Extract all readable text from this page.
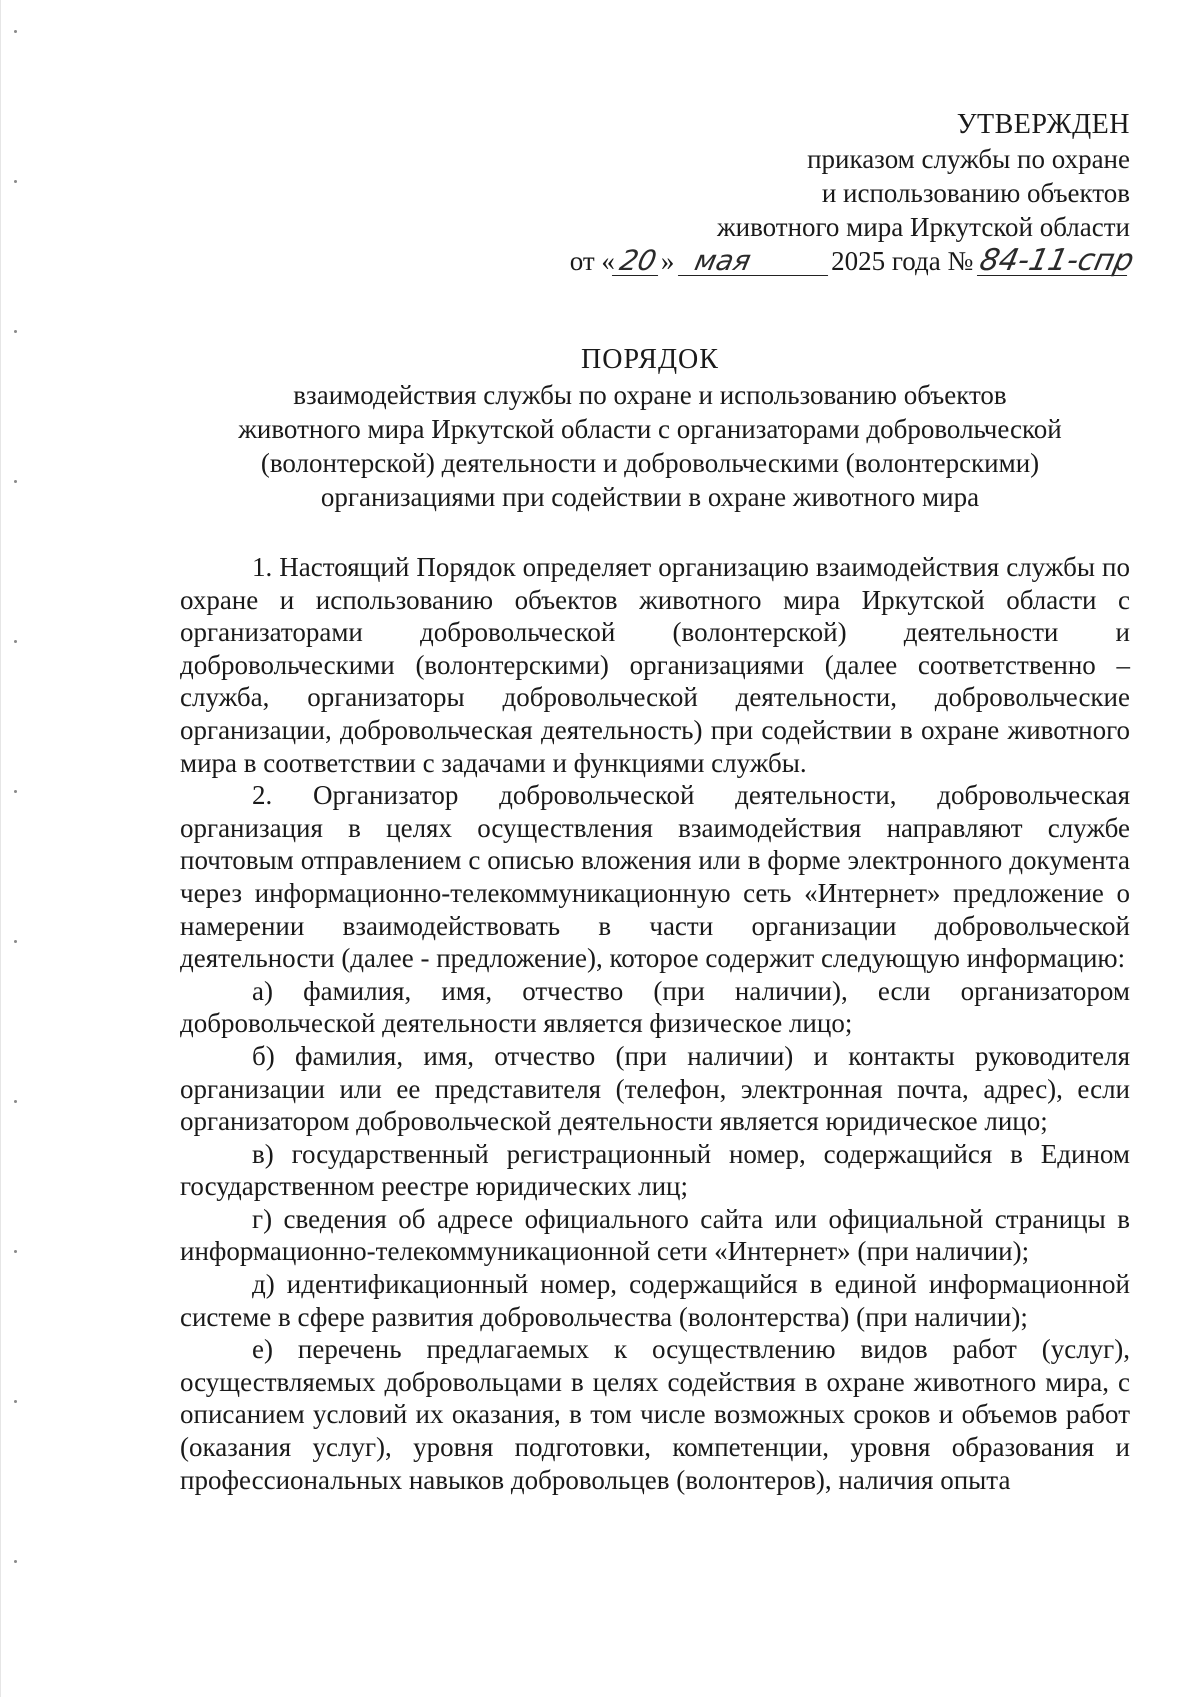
УТВЕРЖДЕН
приказом службы по охране
и использованию объектов
животного мира Иркутской области
от «20» мая	2025 года № 84-11-спр
ПОРЯДОК
взаимодействия службы по охране и использованию объектов
животного мира Иркутской области с организаторами добровольческой
(волонтерской) деятельности и добровольческими (волонтерскими)
организациями при содействии в охране животного мира

1. Настоящий Порядок определяет организацию взаимодействия службы по охране и использованию объектов животного мира Иркутской области с организаторами добровольческой (волонтерской) деятельности и добровольческими (волонтерскими) организациями (далее соответственно – служба, организаторы добровольческой деятельности, добровольческие организации, добровольческая деятельность) при содействии в охране животного мира в соответствии с задачами и функциями службы.

2. Организатор добровольческой деятельности, добровольческая организация в целях осуществления взаимодействия направляют службе почтовым отправлением с описью вложения или в форме электронного документа через информационно-телекоммуникационную сеть «Интернет» предложение о намерении взаимодействовать в части организации добровольческой деятельности (далее - предложение), которое содержит следующую информацию:

а) фамилия, имя, отчество (при наличии), если организатором добровольческой деятельности является физическое лицо;

б) фамилия, имя, отчество (при наличии) и контакты руководителя организации или ее представителя (телефон, электронная почта, адрес), если организатором добровольческой деятельности является юридическое лицо;

в) государственный регистрационный номер, содержащийся в Едином государственном реестре юридических лиц;

г) сведения об адресе официального сайта или официальной страницы в информационно-телекоммуникационной сети «Интернет» (при наличии);

д) идентификационный номер, содержащийся в единой информационной системе в сфере развития добровольчества (волонтерства) (при наличии);

е) перечень предлагаемых к осуществлению видов работ (услуг), осуществляемых добровольцами в целях содействия в охране животного мира, с описанием условий их оказания, в том числе возможных сроков и объемов работ (оказания услуг), уровня подготовки, компетенции, уровня образования и профессиональных навыков добровольцев (волонтеров), наличия опыта
